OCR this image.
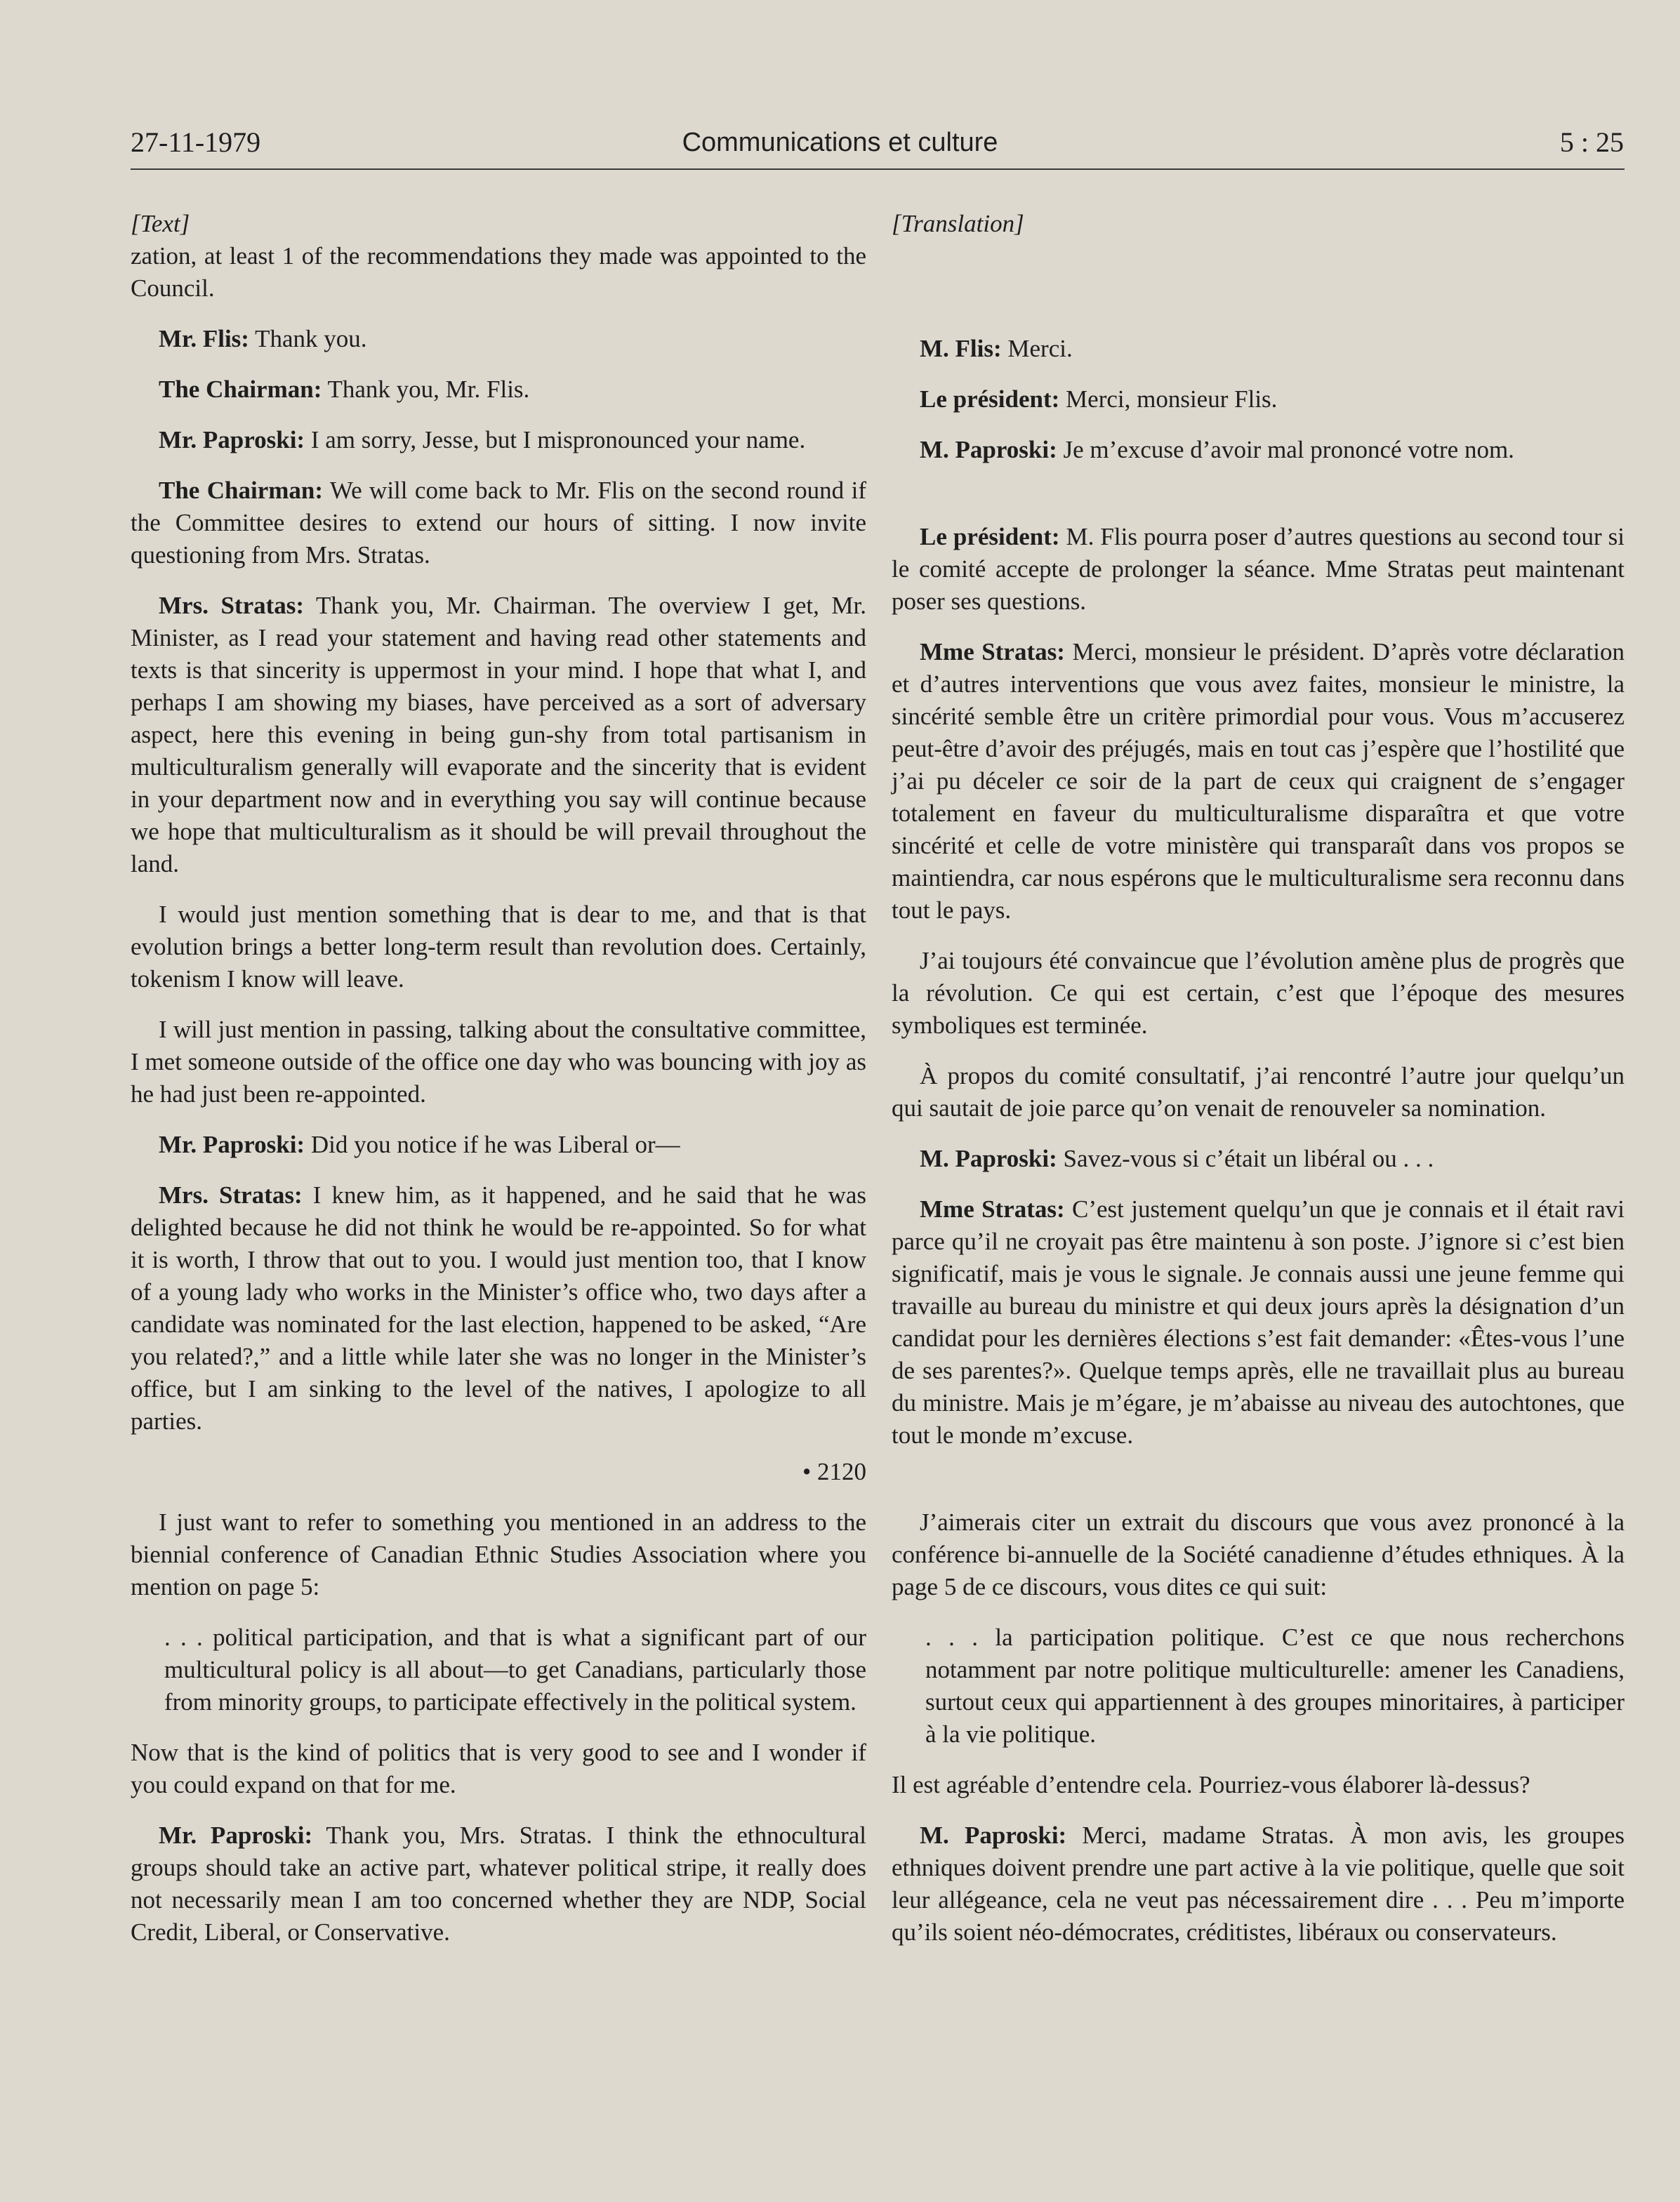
Communications et culture
27-11-1979	5 : 25

[Text]

zation, at least 1 of the recommendations they made was appointed to the Council.

Mr. Flis: Thank you.

The Chairman: Thank you, Mr. Flis.

Mr. Paproski: I am sorry, Jesse, but I mispronounced your name.

The Chairman: We will come back to Mr. Flis on the second round if the Committee desires to extend our hours of sitting. I now invite questioning from Mrs. Stratas.

Mrs. Stratas: Thank you, Mr. Chairman. The overview I get, Mr. Minister, as I read your statement and having read other statements and texts is that sincerity is uppermost in your mind. I hope that what I, and perhaps I am showing my biases, have perceived as a sort of adversary aspect, here this evening in being gun-shy from total partisanism in multiculturalism generally will evaporate and the sincerity that is evident in your department now and in everything you say will continue because we hope that multiculturalism as it should be will prevail throughout the land.

I would just mention something that is dear to me, and that is that evolution brings a better long-term result than revolution does. Certainly, tokenism I know will leave.

I will just mention in passing, talking about the consultative committee, I met someone outside of the office one day who was bouncing with joy as he had just been re-appointed.

Mr. Paproski: Did you notice if he was Liberal or—

Mrs. Stratas: I knew him, as it happened, and he said that he was delighted because he did not think he would be re-appointed. So for what it is worth, I throw that out to you. I would just mention too, that I know of a young lady who works in the Minister’s office who, two days after a candidate was nominated for the last election, happened to be asked, “Are you related?,” and a little while later she was no longer in the Minister’s office, but I am sinking to the level of the natives, I apologize to all parties.

• 2120

I just want to refer to something you mentioned in an address to the biennial conference of Canadian Ethnic Studies Association where you mention on page 5:

. . . political participation, and that is what a significant part of our multicultural policy is all about—to get Canadians, particularly those from minority groups, to participate effectively in the political system.

Now that is the kind of politics that is very good to see and I wonder if you could expand on that for me.

Mr. Paproski: Thank you, Mrs. Stratas. I think the ethnocultural groups should take an active part, whatever political stripe, it really does not necessarily mean I am too concerned whether they are NDP, Social Credit, Liberal, or Conservative.

[Translation]

M. Flis: Merci.

Le président: Merci, monsieur Flis.

M. Paproski: Je m’excuse d’avoir mal prononcé votre nom.

Le président: M. Flis pourra poser d’autres questions au second tour si le comité accepte de prolonger la séance. Mme Stratas peut maintenant poser ses questions.

Mme Stratas: Merci, monsieur le président. D’après votre déclaration et d’autres interventions que vous avez faites, monsieur le ministre, la sincérité semble être un critère primordial pour vous. Vous m’accuserez peut-être d’avoir des préjugés, mais en tout cas j’espère que l’hostilité que j’ai pu déceler ce soir de la part de ceux qui craignent de s’engager totalement en faveur du multiculturalisme disparaîtra et que votre sincérité et celle de votre ministère qui transparaît dans vos propos se maintiendra, car nous espérons que le multiculturalisme sera reconnu dans tout le pays.

J’ai toujours été convaincue que l’évolution amène plus de progrès que la révolution. Ce qui est certain, c’est que l’époque des mesures symboliques est terminée.

À propos du comité consultatif, j’ai rencontré l’autre jour quelqu’un qui sautait de joie parce qu’on venait de renouveler sa nomination.

M. Paproski: Savez-vous si c’était un libéral ou . . .

Mme Stratas: C’est justement quelqu’un que je connais et il était ravi parce qu’il ne croyait pas être maintenu à son poste. J’ignore si c’est bien significatif, mais je vous le signale. Je connais aussi une jeune femme qui travaille au bureau du ministre et qui deux jours après la désignation d’un candidat pour les dernières élections s’est fait demander: «Êtes-vous l’une de ses parentes?». Quelque temps après, elle ne travaillait plus au bureau du ministre. Mais je m’égare, je m’abaisse au niveau des autochtones, que tout le monde m’excuse.

J’aimerais citer un extrait du discours que vous avez prononcé à la conférence bi-annuelle de la Société canadienne d’études ethniques. À la page 5 de ce discours, vous dites ce qui suit:

. . . la participation politique. C’est ce que nous recherchons notamment par notre politique multiculturelle: amener les Canadiens, surtout ceux qui appartiennent à des groupes minoritaires, à participer à la vie politique.

Il est agréable d’entendre cela. Pourriez-vous élaborer là-dessus?

M. Paproski: Merci, madame Stratas. À mon avis, les groupes ethniques doivent prendre une part active à la vie politique, quelle que soit leur allégeance, cela ne veut pas nécessairement dire . . . Peu m’importe qu’ils soient néo-démocrates, créditistes, libéraux ou conservateurs.
